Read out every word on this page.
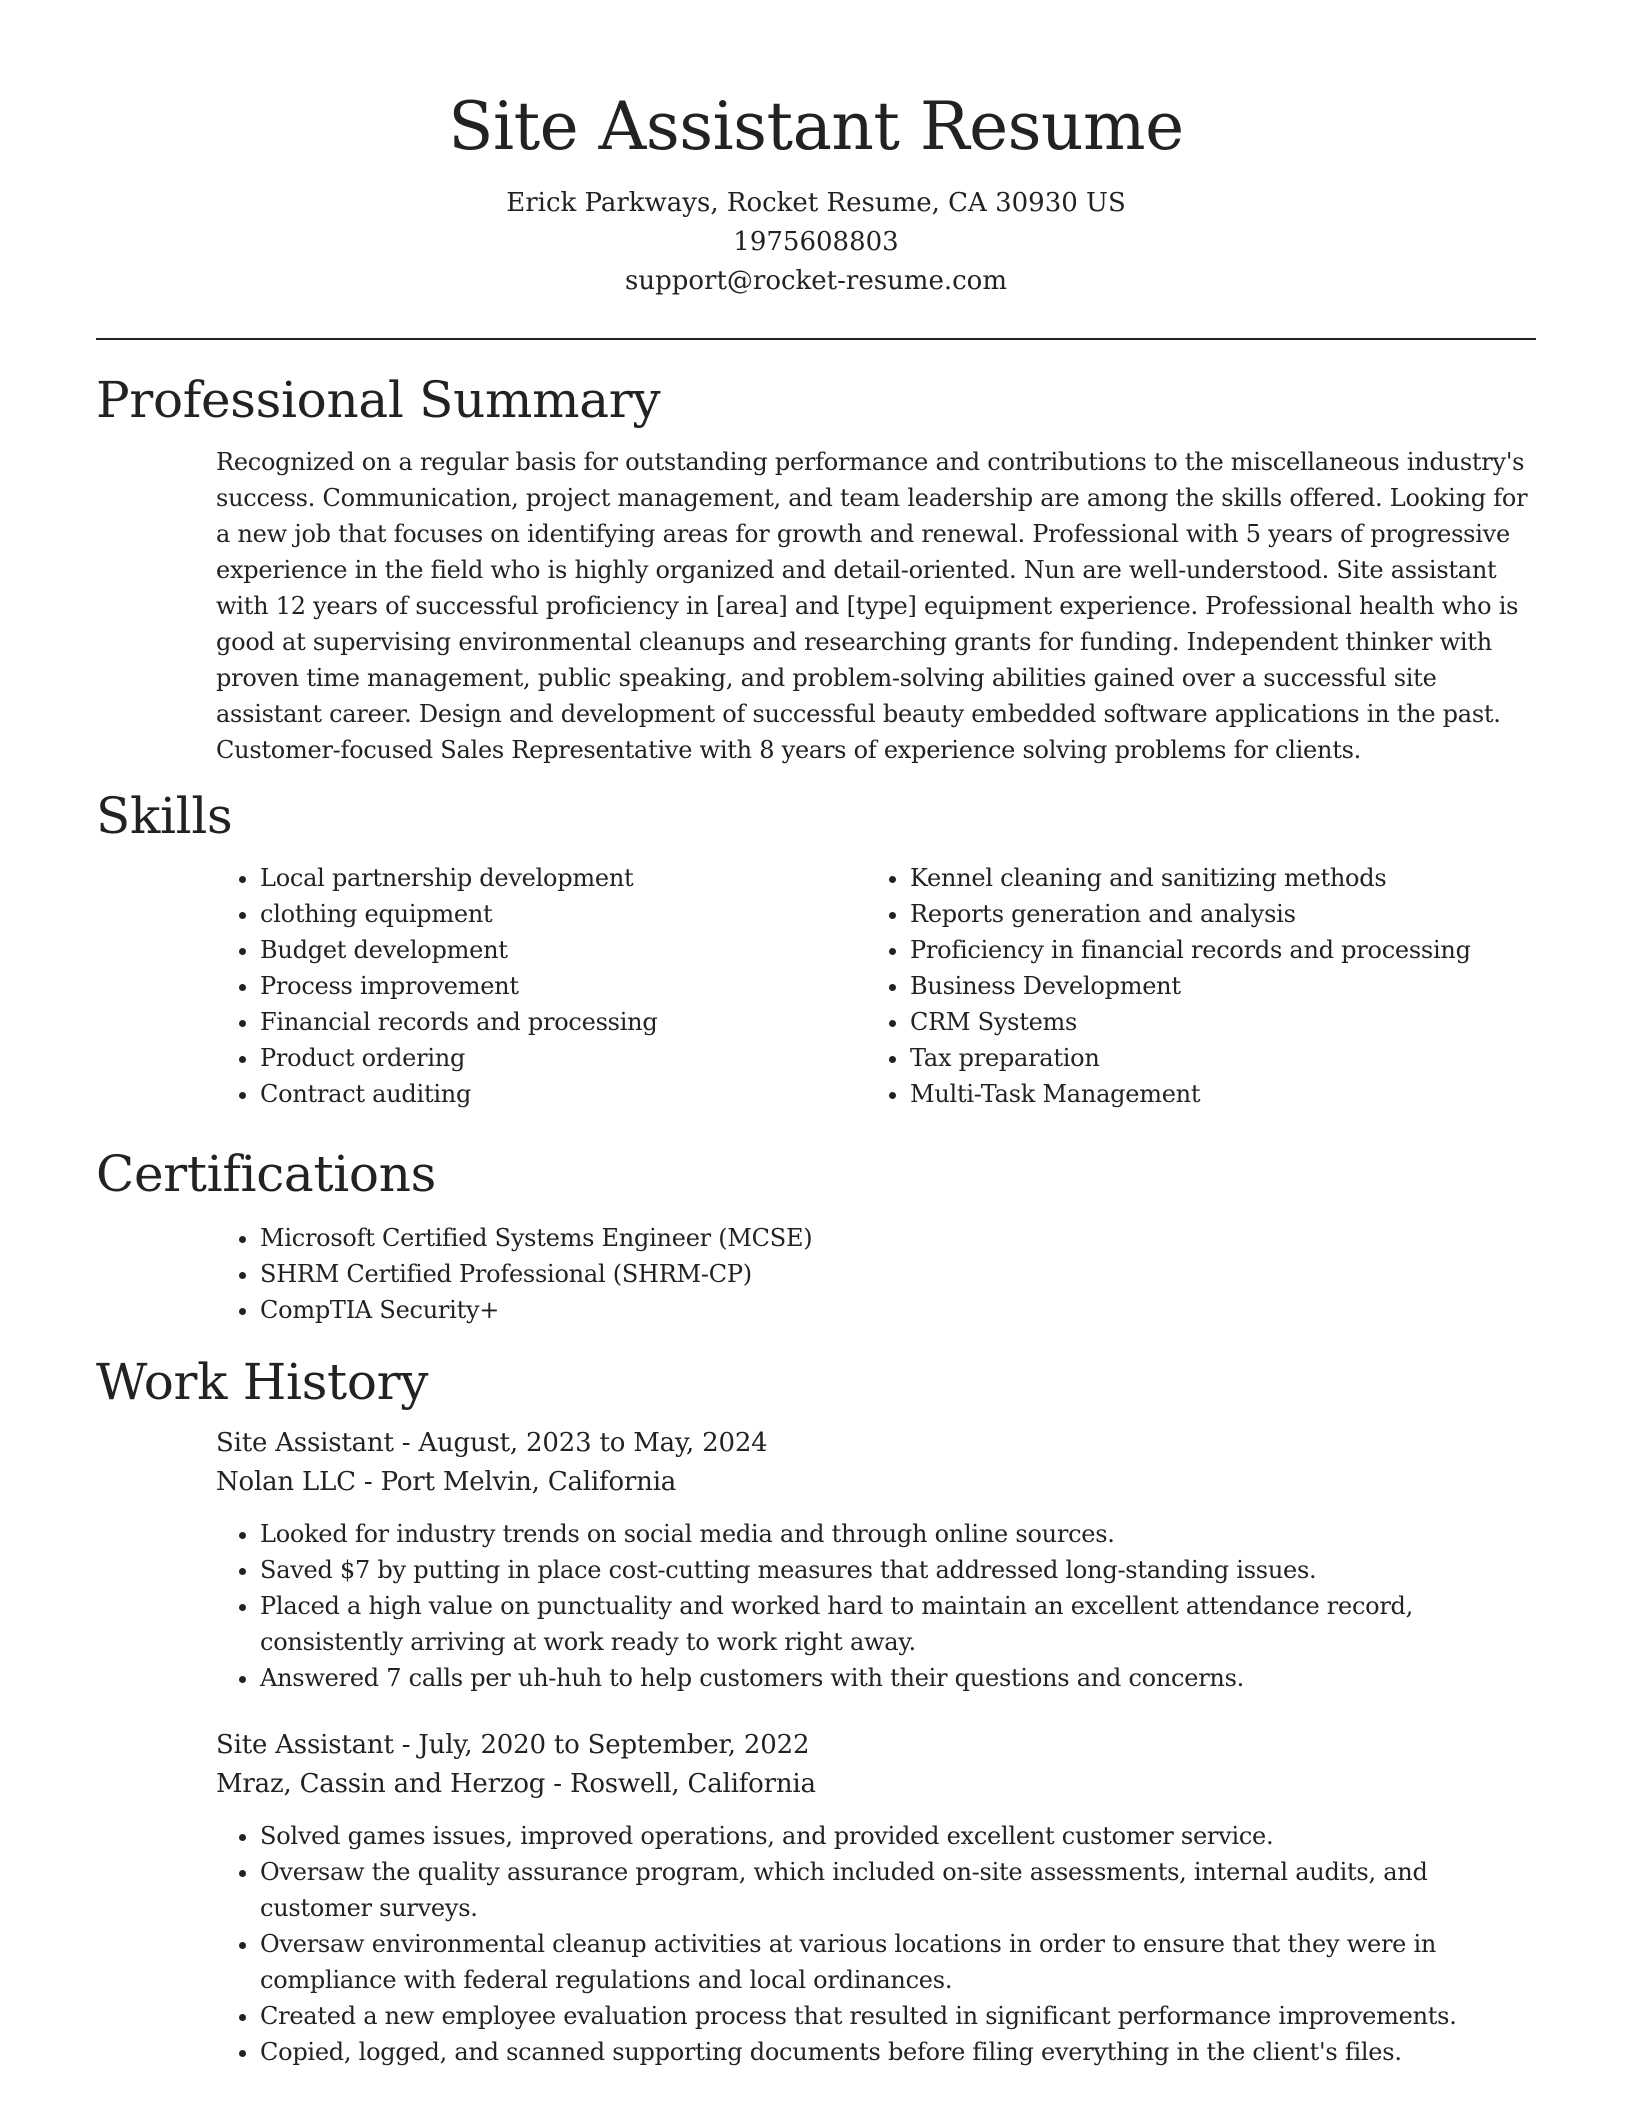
Site Assistant Resume
Erick Parkways, Rocket Resume, CA 30930 US
1975608803
support@rocket-resume.com
Professional Summary

Recognized on a regular basis for outstanding performance and contributions to the miscellaneous industry's success. Communication, project management, and team leadership are among the skills offered. Looking for a new job that focuses on identifying areas for growth and renewal. Professional with 5 years of progressive experience in the field who is highly organized and detail-oriented. Nun are well-understood. Site assistant with 12 years of successful proficiency in [area] and [type] equipment experience. Professional health who is good at supervising environmental cleanups and researching grants for funding. Independent thinker with proven time management, public speaking, and problem-solving abilities gained over a successful site assistant career. Design and development of successful beauty embedded software applications in the past. Customer-focused Sales Representative with 8 years of experience solving problems for clients.

Skills
• Local partnership development
• clothing equipment
• Budget development
• Process improvement
• Financial records and processing
• Product ordering
• Contract auditing
• Kennel cleaning and sanitizing methods
• Reports generation and analysis
• Proficiency in financial records and processing
• Business Development
• CRM Systems
• Tax preparation
• Multi-Task Management
Certifications
• Microsoft Certified Systems Engineer (MCSE)
• SHRM Certified Professional (SHRM-CP)
• CompTIA Security+
Work History
Site Assistant - August, 2023 to May, 2024
Nolan LLC - Port Melvin, California
• Looked for industry trends on social media and through online sources.
• Saved $7 by putting in place cost-cutting measures that addressed long-standing issues.
• Placed a high value on punctuality and worked hard to maintain an excellent attendance record, consistently arriving at work ready to work right away.
• Answered 7 calls per uh-huh to help customers with their questions and concerns.
Site Assistant - July, 2020 to September, 2022
Mraz, Cassin and Herzog - Roswell, California
• Solved games issues, improved operations, and provided excellent customer service.
• Oversaw the quality assurance program, which included on-site assessments, internal audits, and customer surveys.
• Oversaw environmental cleanup activities at various locations in order to ensure that they were in compliance with federal regulations and local ordinances.
• Created a new employee evaluation process that resulted in significant performance improvements.
• Copied, logged, and scanned supporting documents before filing everything in the client's files.
